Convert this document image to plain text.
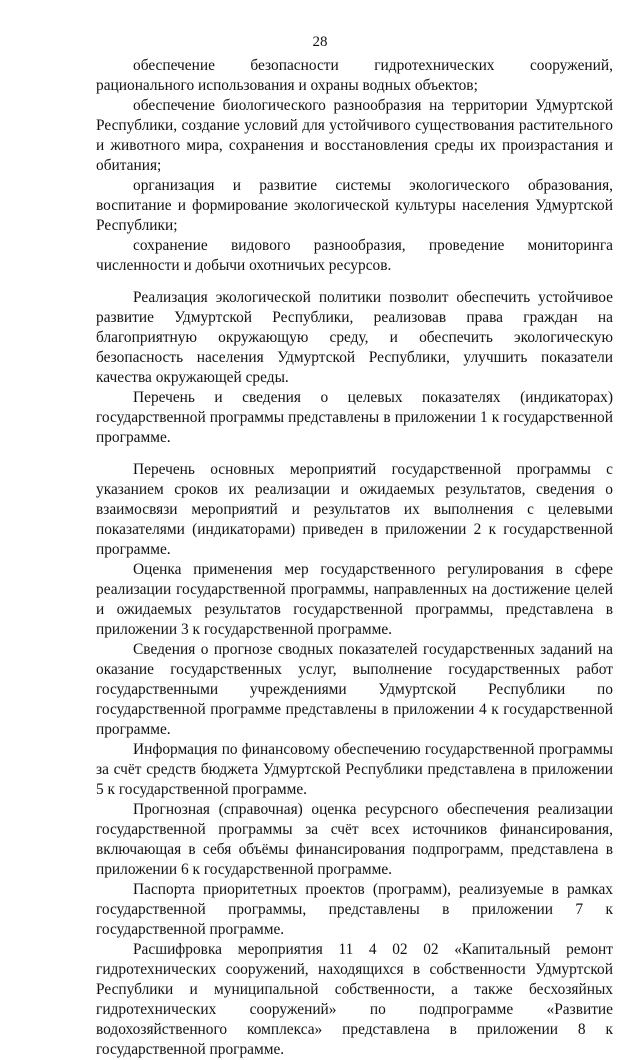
28

обеспечение безопасности гидротехнических сооружений, рационального использования и охраны водных объектов;

обеспечение биологического разнообразия на территории Удмуртской Республики, создание условий для устойчивого существования растительного и животного мира, сохранения и восстановления среды их произрастания и обитания;

организация и развитие системы экологического образования, воспитание и формирование экологической культуры населения Удмуртской Республики;

сохранение видового разнообразия, проведение мониторинга численности и добычи охотничьих ресурсов.

Реализация экологической политики позволит обеспечить устойчивое развитие Удмуртской Республики, реализовав права граждан на благоприятную окружающую среду, и обеспечить экологическую безопасность населения Удмуртской Республики, улучшить показатели качества окружающей среды.

Перечень и сведения о целевых показателях (индикаторах) государственной программы представлены в приложении 1 к государственной программе.

Перечень основных мероприятий государственной программы с указанием сроков их реализации и ожидаемых результатов, сведения о взаимосвязи мероприятий и результатов их выполнения с целевыми показателями (индикаторами) приведен в приложении 2 к государственной программе.

Оценка применения мер государственного регулирования в сфере реализации государственной программы, направленных на достижение целей и ожидаемых результатов государственной программы, представлена в приложении 3 к государственной программе.

Сведения о прогнозе сводных показателей государственных заданий на оказание государственных услуг, выполнение государственных работ государственными учреждениями Удмуртской Республики по государственной программе представлены в приложении 4 к государственной программе.

Информация по финансовому обеспечению государственной программы за счёт средств бюджета Удмуртской Республики представлена в приложении 5 к государственной программе.

Прогнозная (справочная) оценка ресурсного обеспечения реализации государственной программы за счёт всех источников финансирования, включающая в себя объёмы финансирования подпрограмм, представлена в приложении 6 к государственной программе.

Паспорта приоритетных проектов (программ), реализуемые в рамках государственной программы, представлены в приложении 7 к государственной программе.

Расшифровка мероприятия 11 4 02 02 «Капитальный ремонт гидротехнических сооружений, находящихся в собственности Удмуртской Республики и муниципальной собственности, а также бесхозяйных гидротехнических сооружений» по подпрограмме «Развитие водохозяйственного комплекса» представлена в приложении 8 к государственной программе.
